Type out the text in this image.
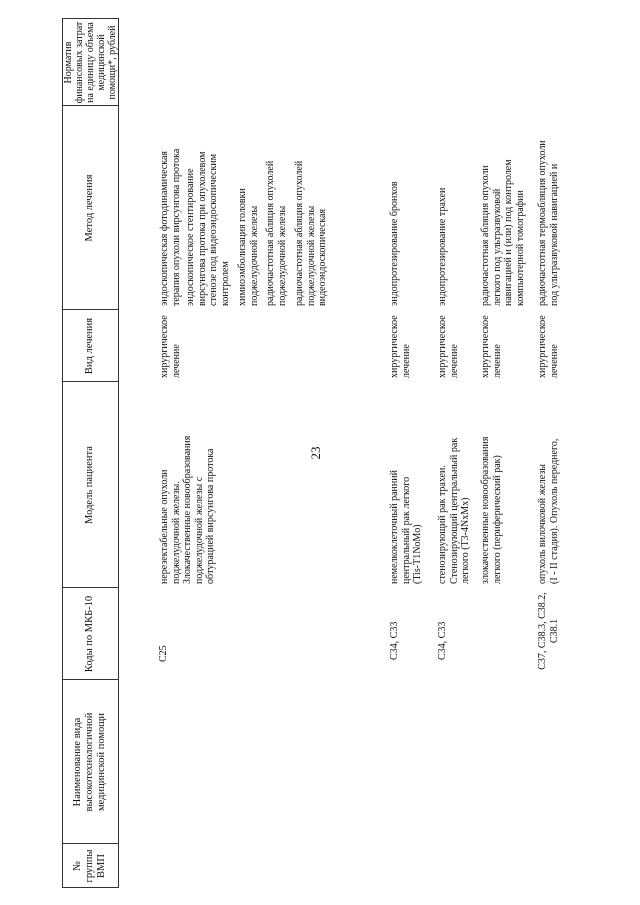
23
№ группы ВМП
Наименование вида высокотехнологичной медицинской помощи
Коды по МКБ-10
Модель пациента
Вид лечения
Метод лечения
Норматив финансовых затрат на единицу объема медицинской помощи*, рублей
C25
нерезектабельные опухоли поджелудочной железы. Злокачественные новообразования поджелудочной железы с обтурацией вирсунгова протока
хирургическое лечение
эндоскопическая фотодинамическая терапия опухоли вирсунгова протока эндоскопическое стентирование вирсунгова протока при опухолевом стенозе под видеоэндоскопическим контролем химиоэмболизация головки поджелудочной железы радиочастотная абляция опухолей поджелудочной железы радиочастотная абляция опухолей поджелудочной железы видеоэндоскопическая
C34, C33
немелкоклеточный ранний центральный рак легкого (Tis-T1NoMo)
хирургическое лечение
эндопротезирование бронхов
C34, C33
стенозирующий рак трахеи. Стенозирующий центральный рак легкого (T3-4NxMx)
хирургическое лечение
эндопротезирование трахеи
злокачественные новообразования легкого (периферический рак)
хирургическое лечение
радиочастотная абляция опухоли легкого под ультразвуковой навигацией и (или) под контролем компьютерной томографии
C37, C38.3, C38.2, C38.1
опухоль вилочковой железы (I - II стадия). Опухоль переднего,
хирургическое лечение
радиочастотная термоабляция опухоли под ультразвуковой навигацией и
